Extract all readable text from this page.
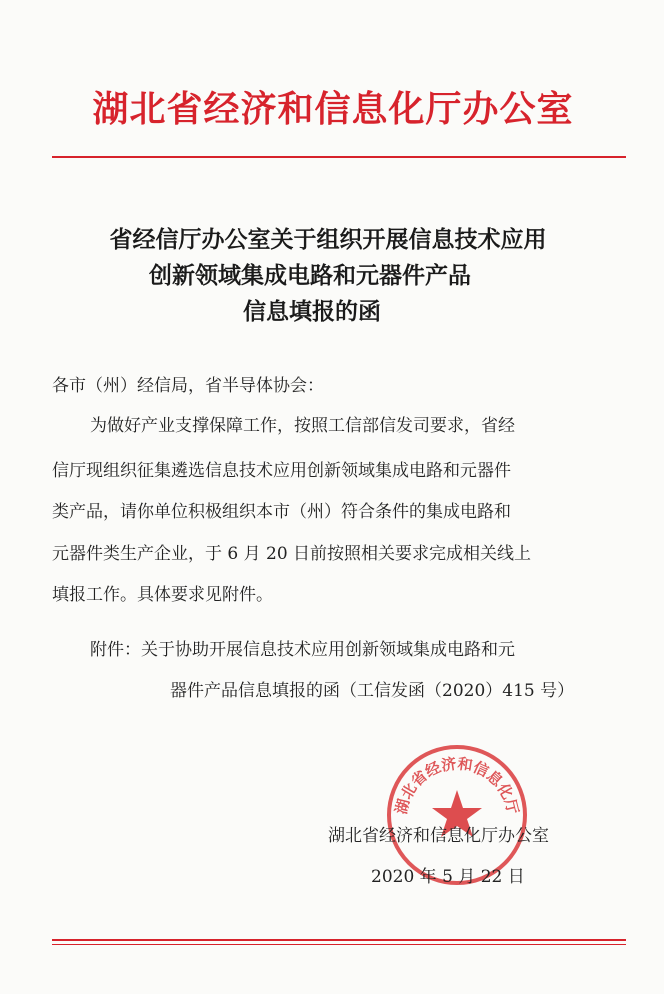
湖北省经济和信息化厅办公室
省经信厅办公室关于组织开展信息技术应用
创新领域集成电路和元器件产品
信息填报的函
各市（州）经信局，省半导体协会：
为做好产业支撑保障工作，按照工信部信发司要求，省经
信厅现组织征集遴选信息技术应用创新领域集成电路和元器件
类产品，请你单位积极组织本市（州）符合条件的集成电路和
元器件类生产企业，于 6 月 20 日前按照相关要求完成相关线上
填报工作。具体要求见附件。
附件：关于协助开展信息技术应用创新领域集成电路和元
器件产品信息填报的函（工信发函（2020）415 号）
湖北省经济和信息化厅
湖北省经济和信息化厅办公室
2020 年 5 月 22 日
